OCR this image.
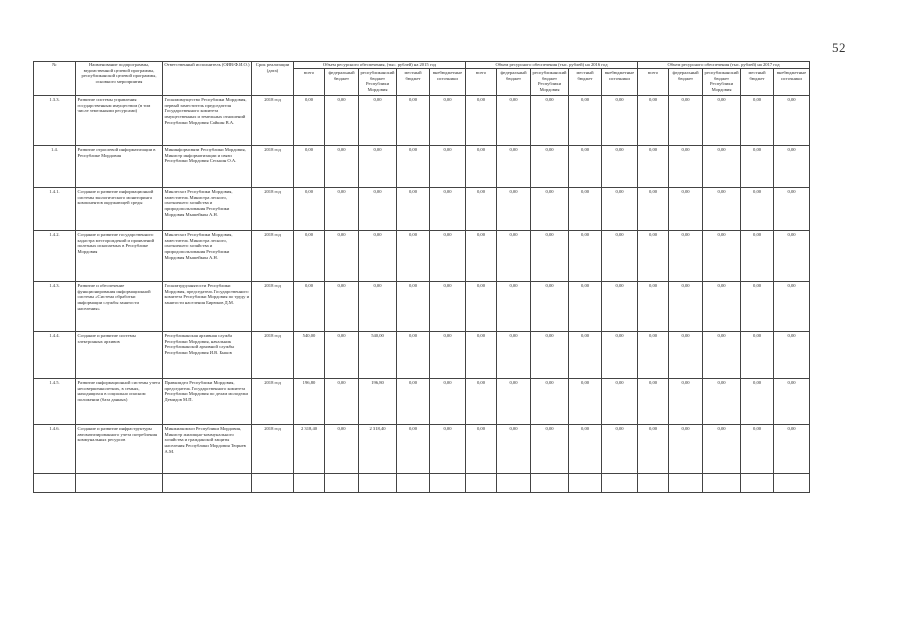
52
№	Наименование подпрограммы, ведомственной целевой программы, республиканской целевой программы, основного мероприятия	Ответственный исполнитель (ОИВ/Ф.И.О.)	Срок реализации (дата)	Объем ресурсного обеспечения, (тыс. рублей) на 2015 год					Объем ресурсного обеспечения (тыс. рублей) на 2016 год					Объем ресурсного обеспечения (тыс. рублей) на 2017 год				
				всего	федеральный бюджет	республиканский бюджет Республики Мордовия	местный бюджет	внебюджетные источники	всего	федеральный бюджет	республиканский бюджет Республики Мордовия	местный бюджет	внебюджетные источники	всего	федеральный бюджет	республиканский бюджет Республики Мордовия	местный бюджет	внебюджетные источники
1.3.3.	Развитие системы управления государственным имуществом (в том числе земельными ресурсами)	Госкомимущество Республики Мордовия, первый заместитель председателя Государственного комитета имущественных и земельных отношений Республики Мордовия Сайкин В.А.	2018 год	0,00	0,00	0,00	0,00	0,00	0,00	0,00	0,00	0,00	0,00	0,00	0,00	0,00	0,00	0,00
1.4.	Развитие отраслевой информатизации в Республике Мордовия	Мининформсвязи Республики Мордовия, Министр информатизации и связи Республики Мордовия Сеськин О.А.	2018 год	0,00	0,00	0,00	0,00	0,00	0,00	0,00	0,00	0,00	0,00	0,00	0,00	0,00	0,00	0,00
1.4.1.	Создание и развитие информационной системы экологического мониторинга компонентов окружающей среды	Минлесхоз Республики Мордовия, заместитель Министра лесного, охотничьего хозяйства и природопользования Республики Мордовия Мышейкин А.Н.	2018 год	0,00	0,00	0,00	0,00	0,00	0,00	0,00	0,00	0,00	0,00	0,00	0,00	0,00	0,00	0,00
1.4.2.	Создание и развитие государственного кадастра месторождений и проявлений полезных ископаемых в Республике Мордовия	Минлесхоз Республики Мордовия, заместитель Министра лесного, охотничьего хозяйства и природопользования Республики Мордовия Мышейкин А.Н.	2018 год	0,00	0,00	0,00	0,00	0,00	0,00	0,00	0,00	0,00	0,00	0,00	0,00	0,00	0,00	0,00
1.4.3.	Развитие и обеспечение функционирования информационной системы «Система обработки информации службы занятости населения»	Госкомтрудзанятости Республики Мордовия, председатель Государственного комитета Республики Мордовия по труду и занятости населения Бирюков Д.М.	2018 год	0,00	0,00	0,00	0,00	0,00	0,00	0,00	0,00	0,00	0,00	0,00	0,00	0,00	0,00	0,00
1.4.4.	Создание и развитие системы электронных архивов	Республиканская архивная служба Республики Мордовия, начальник Республиканской архивной службы Республики Мордовия И.В. Быков	2018 год	540,00	0,00	540,00	0,00	0,00	0,00	0,00	0,00	0,00	0,00	0,00	0,00	0,00	0,00	0,00
1.4.5.	Развитие информационной системы учета несовершеннолетних, в семьях, находящихся в социально опасном положении (база данных)	Правкомдел Республики Мордовия, председатель Государственного комитета Республики Мордовия по делам молодежи Демидов М.П.	2018 год	196,80	0,00	196,80	0,00	0,00	0,00	0,00	0,00	0,00	0,00	0,00	0,00	0,00	0,00	0,00
1.4.6.	Создание и развитие инфраструктуры автоматизированного учета потребления коммунальных ресурсов	Минжилкомхоз Республики Мордовия, Министр жилищно-коммунального хозяйства и гражданской защиты населения Республики Мордовия Тюрнев А.М.	2018 год	2 318,40	0,00	2 318,40	0,00	0,00	0,00	0,00	0,00	0,00	0,00	0,00	0,00	0,00	0,00	0,00
